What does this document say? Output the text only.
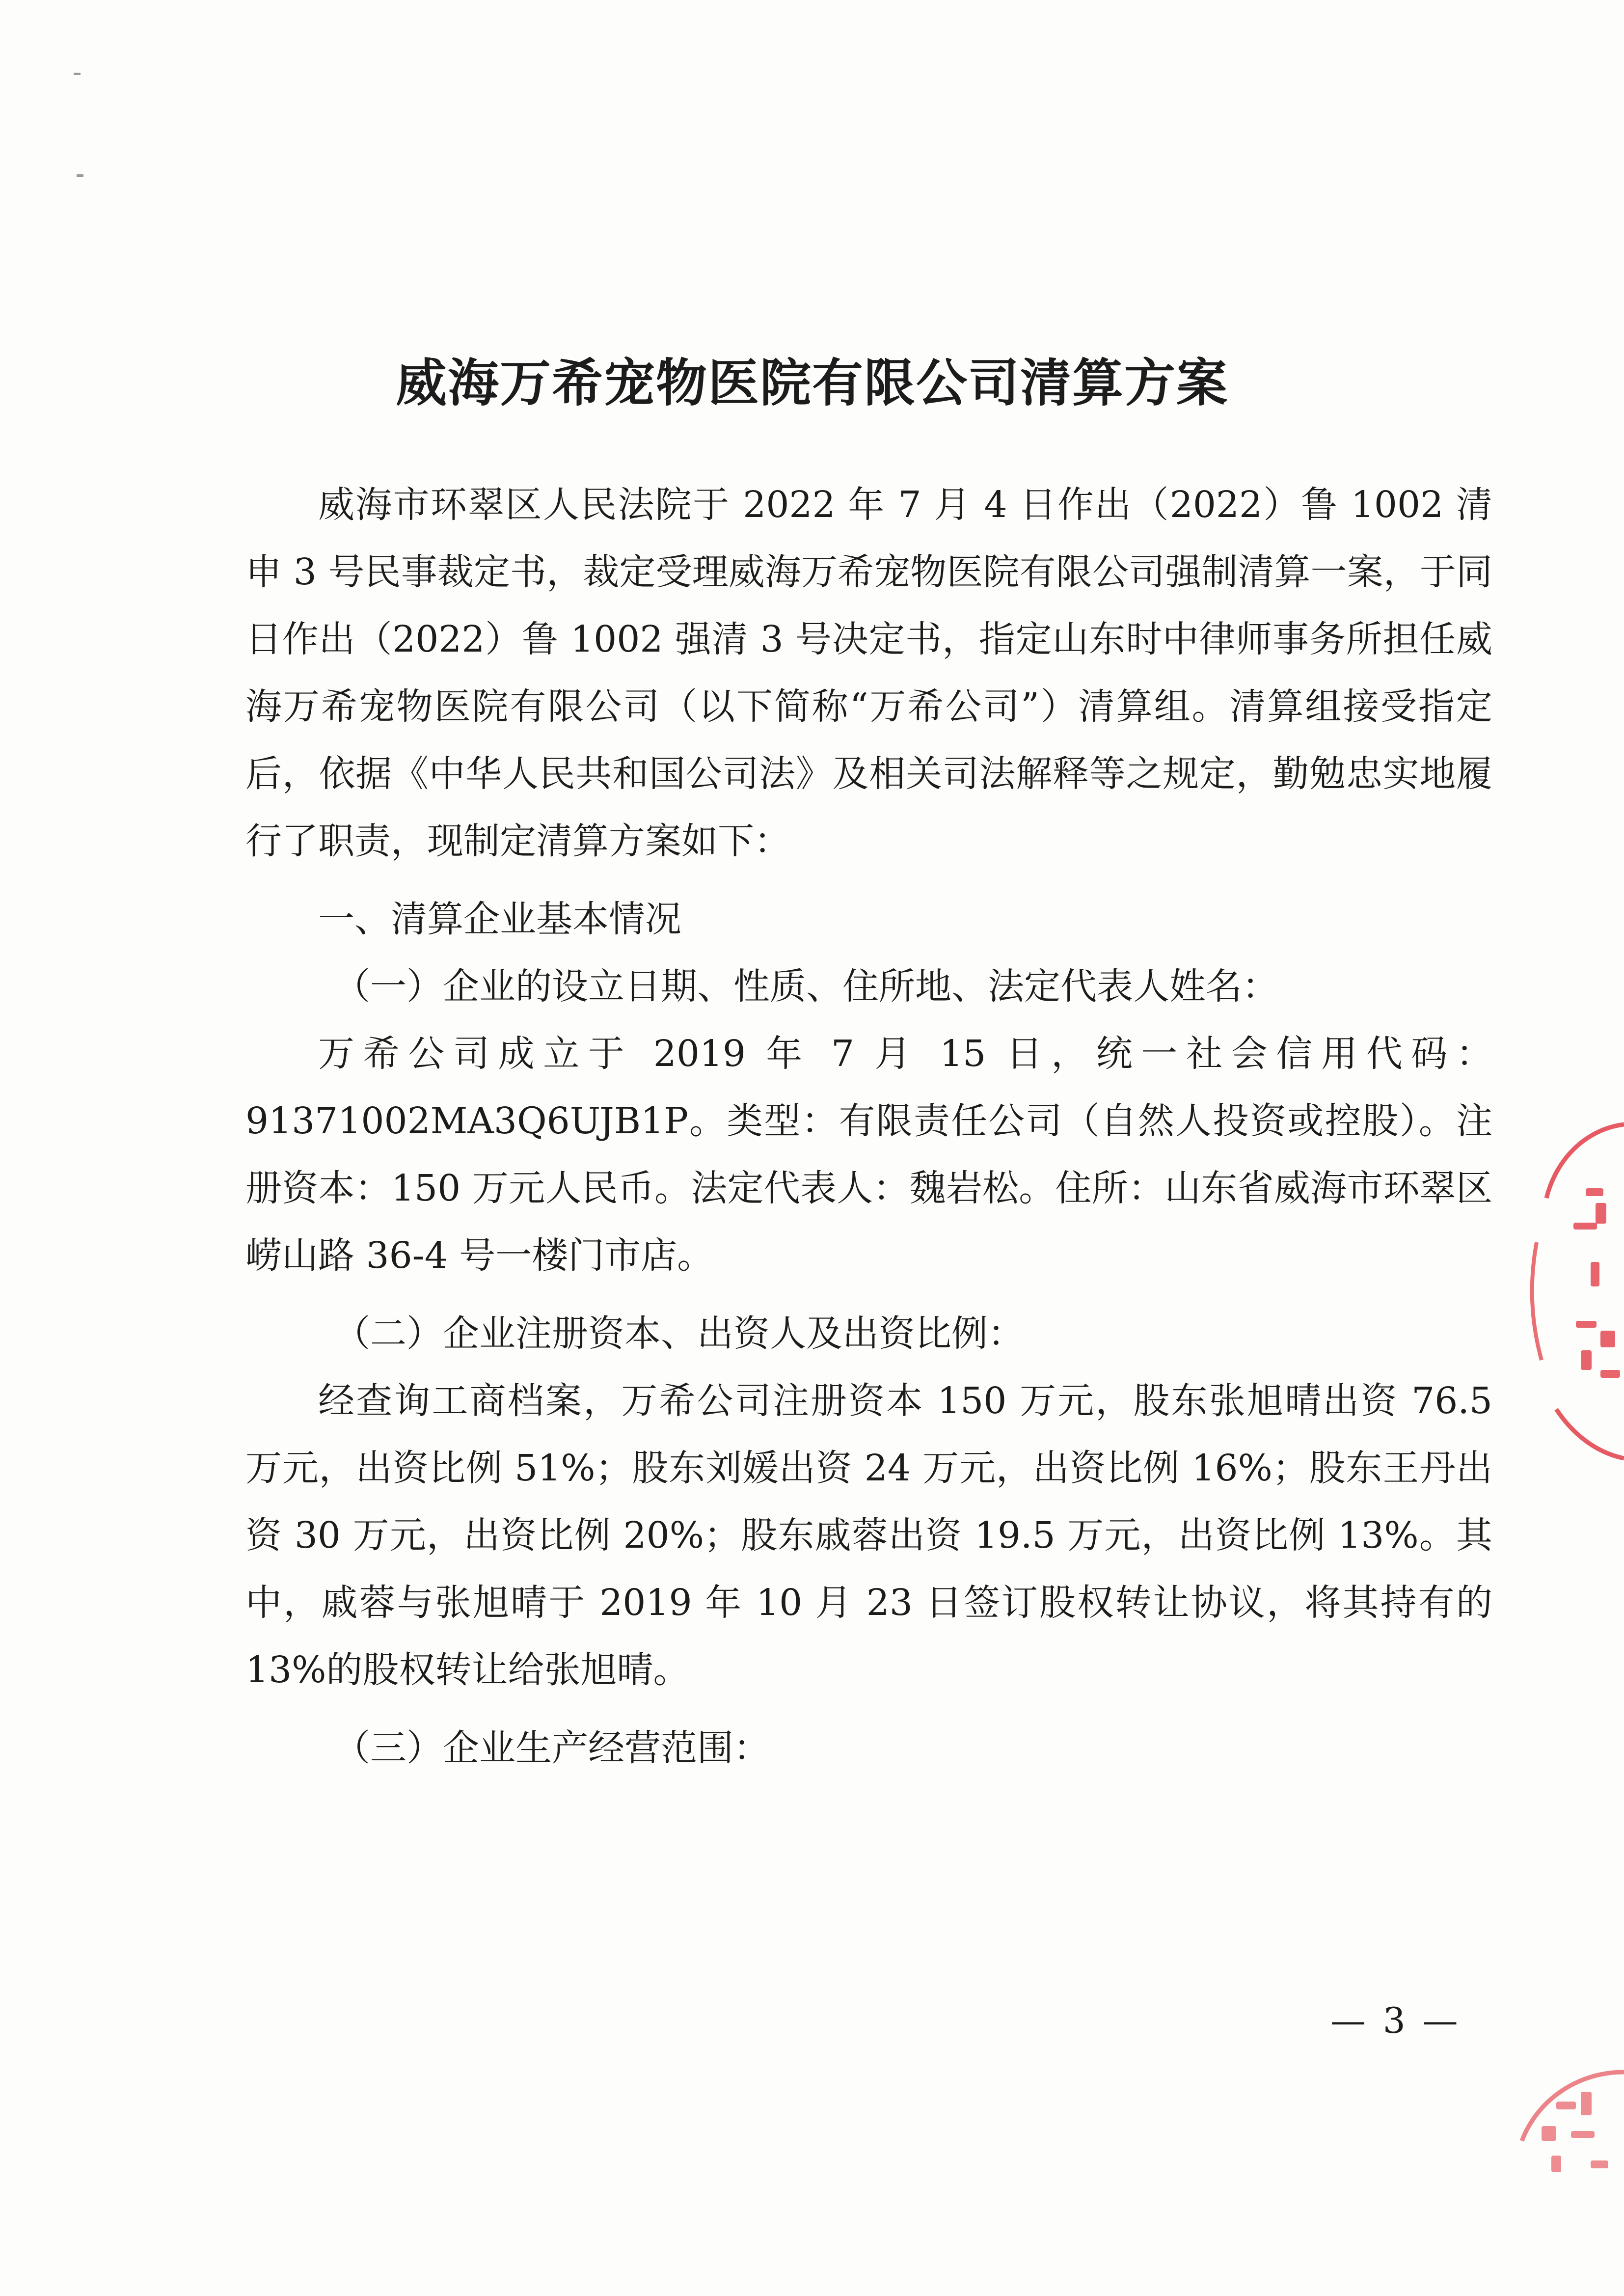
威海万希宠物医院有限公司清算方案

威海市环翠区人民法院于 2022 年 7 月 4 日作出（2022）鲁 1002 清申 3 号民事裁定书，裁定受理威海万希宠物医院有限公司强制清算一案，于同日作出（2022）鲁 1002 强清 3 号决定书，指定山东时中律师事务所担任威海万希宠物医院有限公司（以下简称“万希公司”）清算组。清算组接受指定后，依据《中华人民共和国公司法》及相关司法解释等之规定，勤勉忠实地履行了职责，现制定清算方案如下：

一、清算企业基本情况

（一）企业的设立日期、性质、住所地、法定代表人姓名：

万希公司成立于 2019 年 7 月 15 日，统一社会信用代码：91371002MA3Q6UJB1P。类型：有限责任公司（自然人投资或控股）。注册资本：150 万元人民币。法定代表人：魏岩松。住所：山东省威海市环翠区崂山路 36-4 号一楼门市店。

（二）企业注册资本、出资人及出资比例：

经查询工商档案，万希公司注册资本 150 万元，股东张旭晴出资 76.5 万元，出资比例 51%；股东刘媛出资 24 万元，出资比例 16%；股东王丹出资 30 万元，出资比例 20%；股东戚蓉出资 19.5 万元，出资比例 13%。其中，戚蓉与张旭晴于 2019 年 10 月 23 日签订股权转让协议，将其持有的 13%的股权转让给张旭晴。

（三）企业生产经营范围：

— 3 —
